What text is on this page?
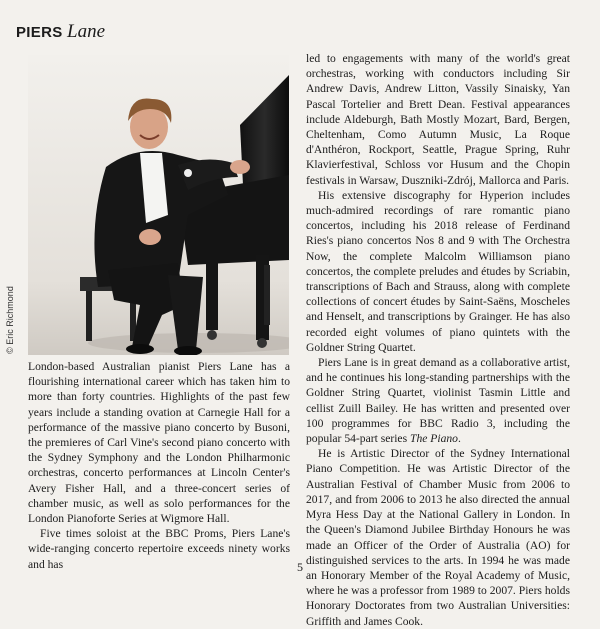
PIERS Lane
© Eric Richmond

London-based Australian pianist Piers Lane has a flourishing international career which has taken him to more than forty countries. Highlights of the past few years include a standing ovation at Carnegie Hall for a performance of the massive piano concerto by Busoni, the premieres of Carl Vine's second piano concerto with the Sydney Symphony and the London Philharmonic orchestras, concerto performances at Lincoln Center's Avery Fisher Hall, and a three-concert series of chamber music, as well as solo performances for the London Pianoforte Series at Wigmore Hall.

Five times soloist at the BBC Proms, Piers Lane's wide-ranging concerto repertoire exceeds ninety works and has

led to engagements with many of the world's great orchestras, working with conductors including Sir Andrew Davis, Andrew Litton, Vassily Sinaisky, Yan Pascal Tortelier and Brett Dean. Festival appearances include Aldeburgh, Bath Mostly Mozart, Bard, Bergen, Cheltenham, Como Autumn Music, La Roque d'Anthéron, Rockport, Seattle, Prague Spring, Ruhr Klavierfestival, Schloss vor Husum and the Chopin festivals in Warsaw, Duszniki-Zdrój, Mallorca and Paris.

His extensive discography for Hyperion includes much-admired recordings of rare romantic piano concertos, including his 2018 release of Ferdinand Ries's piano concertos Nos 8 and 9 with The Orchestra Now, the complete Malcolm Williamson piano concertos, the complete preludes and études by Scriabin, transcriptions of Bach and Strauss, along with complete collections of concert études by Saint-Saëns, Moscheles and Henselt, and transcriptions by Grainger. He has also recorded eight volumes of piano quintets with the Goldner String Quartet.

Piers Lane is in great demand as a collaborative artist, and he continues his long-standing partnerships with the Goldner String Quartet, violinist Tasmin Little and cellist Zuill Bailey. He has written and presented over 100 programmes for BBC Radio 3, including the popular 54-part series The Piano.

He is Artistic Director of the Sydney International Piano Competition. He was Artistic Director of the Australian Festival of Chamber Music from 2006 to 2017, and from 2006 to 2013 he also directed the annual Myra Hess Day at the National Gallery in London. In the Queen's Diamond Jubilee Birthday Honours he was made an Officer of the Order of Australia (AO) for distinguished services to the arts. In 1994 he was made an Honorary Member of the Royal Academy of Music, where he was a professor from 1989 to 2007. Piers holds Honorary Doctorates from two Australian Universities: Griffith and James Cook.

5
